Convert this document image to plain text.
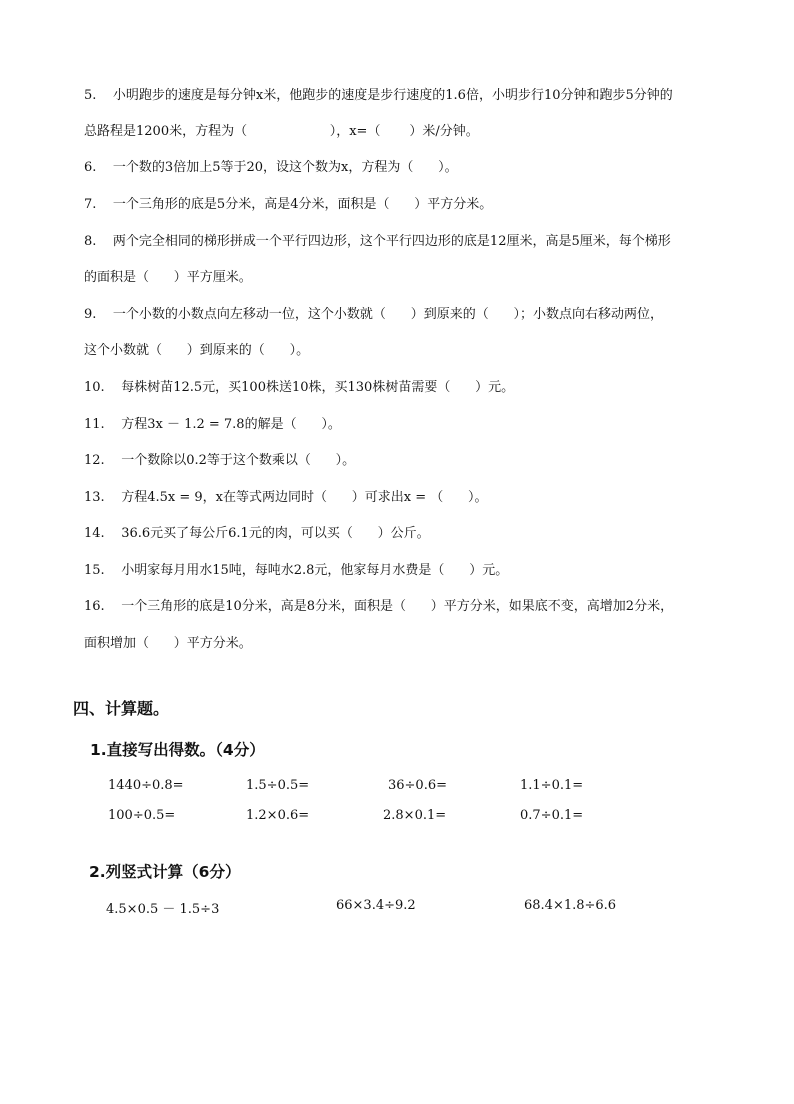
5.    小明跑步的速度是每分钟x米，他跑步的速度是步行速度的1.6倍，小明步行10分钟和跑步5分钟的

总路程是1200米，方程为（                    ），x=（       ）米/分钟。

6.    一个数的3倍加上5等于20，设这个数为x，方程为（      ）。

7.    一个三角形的底是5分米，高是4分米，面积是（      ）平方分米。

8.    两个完全相同的梯形拼成一个平行四边形，这个平行四边形的底是12厘米，高是5厘米，每个梯形

的面积是（      ）平方厘米。

9.    一个小数的小数点向左移动一位，这个小数就（      ）到原来的（      ）；小数点向右移动两位，

这个小数就（      ）到原来的（      ）。

10.    每株树苗12.5元，买100株送10株，买130株树苗需要（      ）元。

11.    方程3x － 1.2 = 7.8的解是（      ）。

12.    一个数除以0.2等于这个数乘以（      ）。

13.    方程4.5x = 9，x在等式两边同时（      ）可求出x = （      ）。

14.    36.6元买了每公斤6.1元的肉，可以买（      ）公斤。

15.    小明家每月用水15吨，每吨水2.8元，他家每月水费是（      ）元。

16.    一个三角形的底是10分米，高是8分米，面积是（      ）平方分米，如果底不变，高增加2分米，

面积增加（      ）平方分米。

四、计算题。
1.直接写出得数。（4分）
1440÷0.8=	1.5÷0.5=	36÷0.6=	1.1÷0.1=
100÷0.5=	1.2×0.6=	2.8×0.1=	0.7÷0.1=
2.列竖式计算（6分）
4.5×0.5 － 1.5÷3	66×3.4÷9.2	68.4×1.8÷6.6
